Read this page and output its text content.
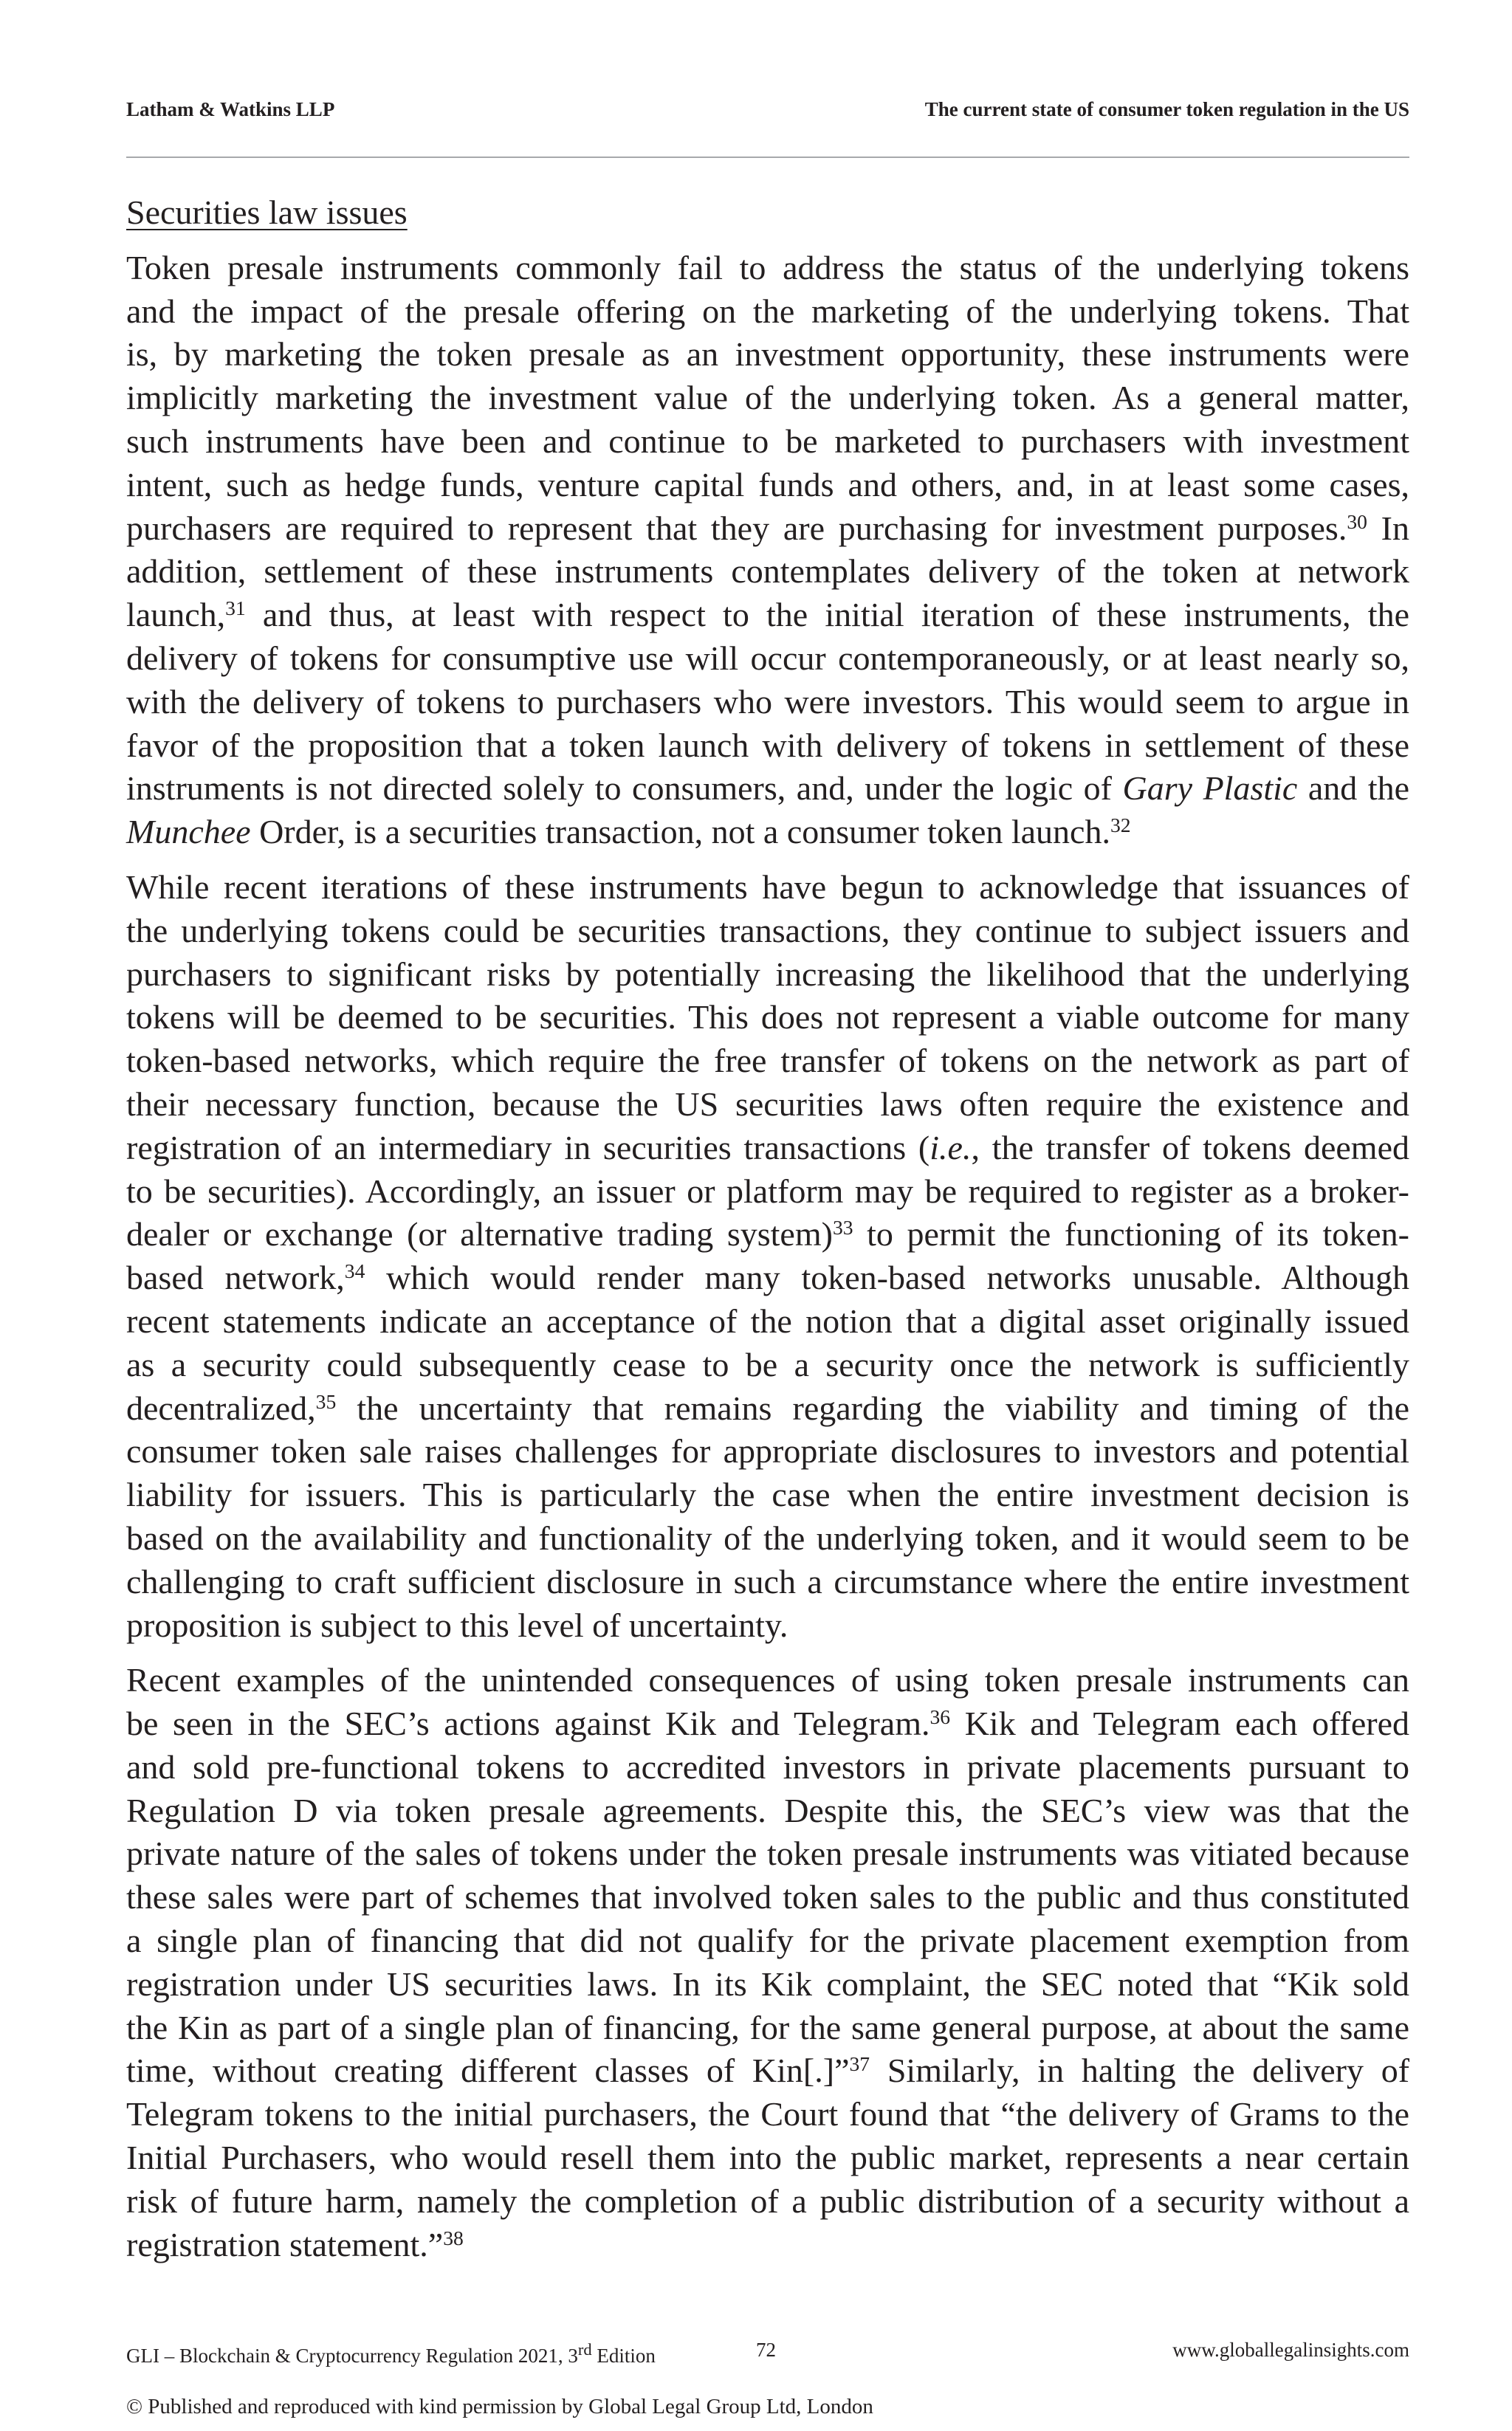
Latham & Watkins LLP	The current state of consumer token regulation in the US
Securities law issues
Token presale instruments commonly fail to address the status of the underlying tokens
and the impact of the presale offering on the marketing of the underlying tokens. That
is, by marketing the token presale as an investment opportunity, these instruments were
implicitly marketing the investment value of the underlying token. As a general matter,
such instruments have been and continue to be marketed to purchasers with investment
intent, such as hedge funds, venture capital funds and others, and, in at least some cases,
purchasers are required to represent that they are purchasing for investment purposes.$^{30}$ In
addition, settlement of these instruments contemplates delivery of the token at network
launch,$^{31}$ and thus, at least with respect to the initial iteration of these instruments, the
delivery of tokens for consumptive use will occur contemporaneously, or at least nearly so,
with the delivery of tokens to purchasers who were investors. This would seem to argue in
favor of the proposition that a token launch with delivery of tokens in settlement of these
instruments is not directed solely to consumers, and, under the logic of Gary Plastic and the
Munchee Order, is a securities transaction, not a consumer token launch.$^{32}$
While recent iterations of these instruments have begun to acknowledge that issuances of
the underlying tokens could be securities transactions, they continue to subject issuers and
purchasers to significant risks by potentially increasing the likelihood that the underlying
tokens will be deemed to be securities. This does not represent a viable outcome for many
token-based networks, which require the free transfer of tokens on the network as part of
their necessary function, because the US securities laws often require the existence and
registration of an intermediary in securities transactions (i.e., the transfer of tokens deemed
to be securities). Accordingly, an issuer or platform may be required to register as a broker-
dealer or exchange (or alternative trading system)$^{33}$ to permit the functioning of its token-
based network,$^{34}$ which would render many token-based networks unusable. Although
recent statements indicate an acceptance of the notion that a digital asset originally issued
as a security could subsequently cease to be a security once the network is sufficiently
decentralized,$^{35}$ the uncertainty that remains regarding the viability and timing of the
consumer token sale raises challenges for appropriate disclosures to investors and potential
liability for issuers. This is particularly the case when the entire investment decision is
based on the availability and functionality of the underlying token, and it would seem to be
challenging to craft sufficient disclosure in such a circumstance where the entire investment
proposition is subject to this level of uncertainty.
Recent examples of the unintended consequences of using token presale instruments can
be seen in the SEC’s actions against Kik and Telegram.$^{36}$ Kik and Telegram each offered
and sold pre-functional tokens to accredited investors in private placements pursuant to
Regulation D via token presale agreements. Despite this, the SEC’s view was that the
private nature of the sales of tokens under the token presale instruments was vitiated because
these sales were part of schemes that involved token sales to the public and thus constituted
a single plan of financing that did not qualify for the private placement exemption from
registration under US securities laws. In its Kik complaint, the SEC noted that “Kik sold
the Kin as part of a single plan of financing, for the same general purpose, at about the same
time, without creating different classes of Kin[.]”$^{37}$ Similarly, in halting the delivery of
Telegram tokens to the initial purchasers, the Court found that “the delivery of Grams to the
Initial Purchasers, who would resell them into the public market, represents a near certain
risk of future harm, namely the completion of a public distribution of a security without a
registration statement.”$^{38}$
GLI – Blockchain & Cryptocurrency Regulation 2021, 3rd Edition	72	www.globallegalinsights.com
© Published and reproduced with kind permission by Global Legal Group Ltd, London
